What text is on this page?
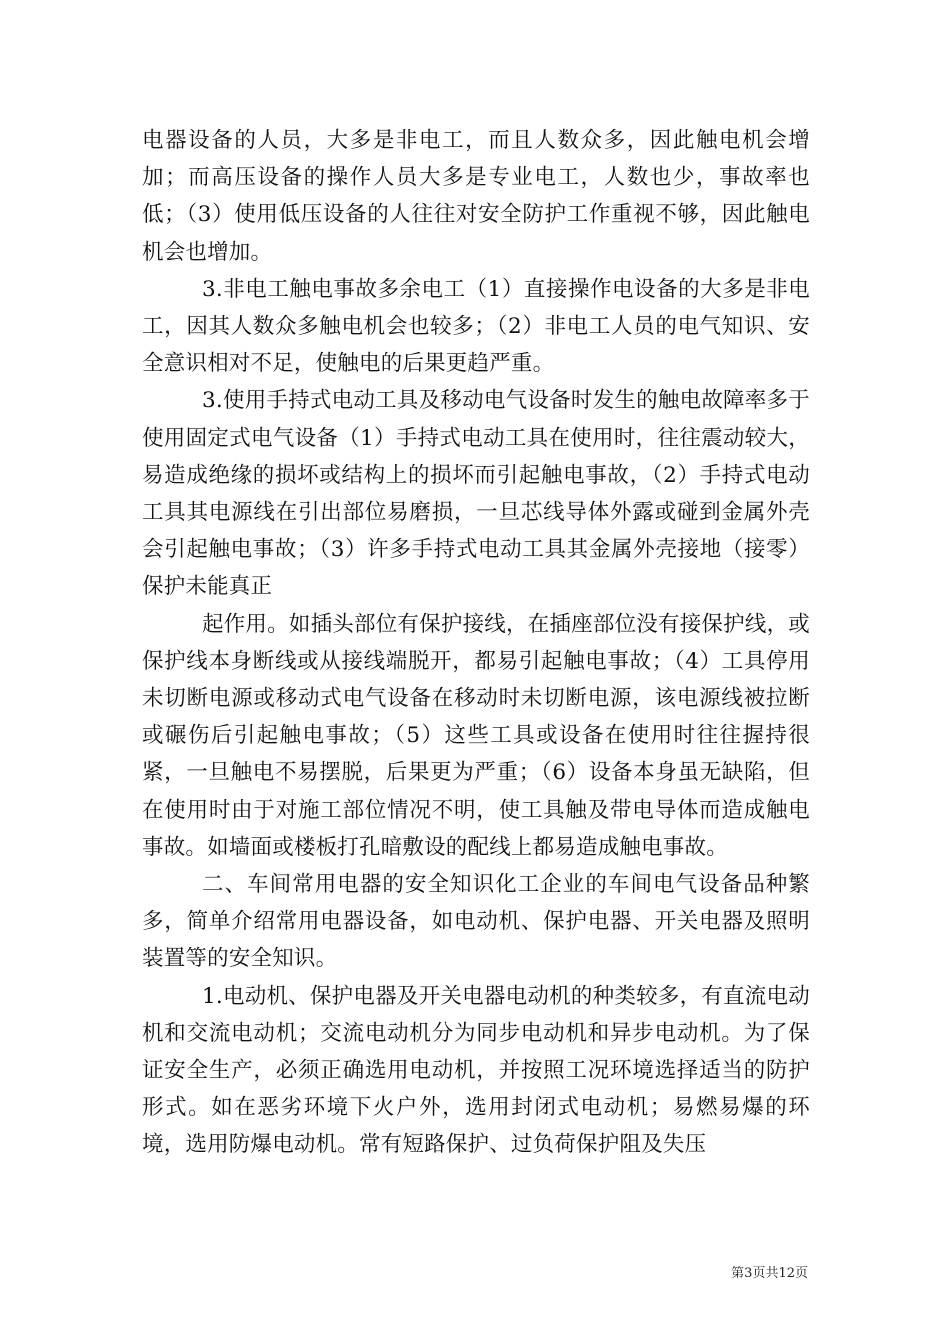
电器设备的人员，大多是非电工，而且人数众多，因此触电机会增加；而高压设备的操作人员大多是专业电工，人数也少，事故率也低；（3）使用低压设备的人往往对安全防护工作重视不够，因此触电机会也增加。

3.非电工触电事故多余电工（1）直接操作电设备的大多是非电工，因其人数众多触电机会也较多；（2）非电工人员的电气知识、安全意识相对不足，使触电的后果更趋严重。

3.使用手持式电动工具及移动电气设备时发生的触电故障率多于使用固定式电气设备（1）手持式电动工具在使用时，往往震动较大，易造成绝缘的损坏或结构上的损坏而引起触电事故，（2）手持式电动工具其电源线在引出部位易磨损，一旦芯线导体外露或碰到金属外壳会引起触电事故；（3）许多手持式电动工具其金属外壳接地（接零）保护未能真正

起作用。如插头部位有保护接线，在插座部位没有接保护线，或保护线本身断线或从接线端脱开，都易引起触电事故；（4）工具停用未切断电源或移动式电气设备在移动时未切断电源，该电源线被拉断或碾伤后引起触电事故；（5）这些工具或设备在使用时往往握持很紧，一旦触电不易摆脱，后果更为严重；（6）设备本身虽无缺陷，但在使用时由于对施工部位情况不明，使工具触及带电导体而造成触电事故。如墙面或楼板打孔暗敷设的配线上都易造成触电事故。

二、车间常用电器的安全知识化工企业的车间电气设备品种繁多，简单介绍常用电器设备，如电动机、保护电器、开关电器及照明装置等的安全知识。

1.电动机、保护电器及开关电器电动机的种类较多，有直流电动机和交流电动机；交流电动机分为同步电动机和异步电动机。为了保证安全生产，必须正确选用电动机，并按照工况环境选择适当的防护形式。如在恶劣环境下火户外，选用封闭式电动机；易燃易爆的环境，选用防爆电动机。常有短路保护、过负荷保护阻及失压

第3页共12页
